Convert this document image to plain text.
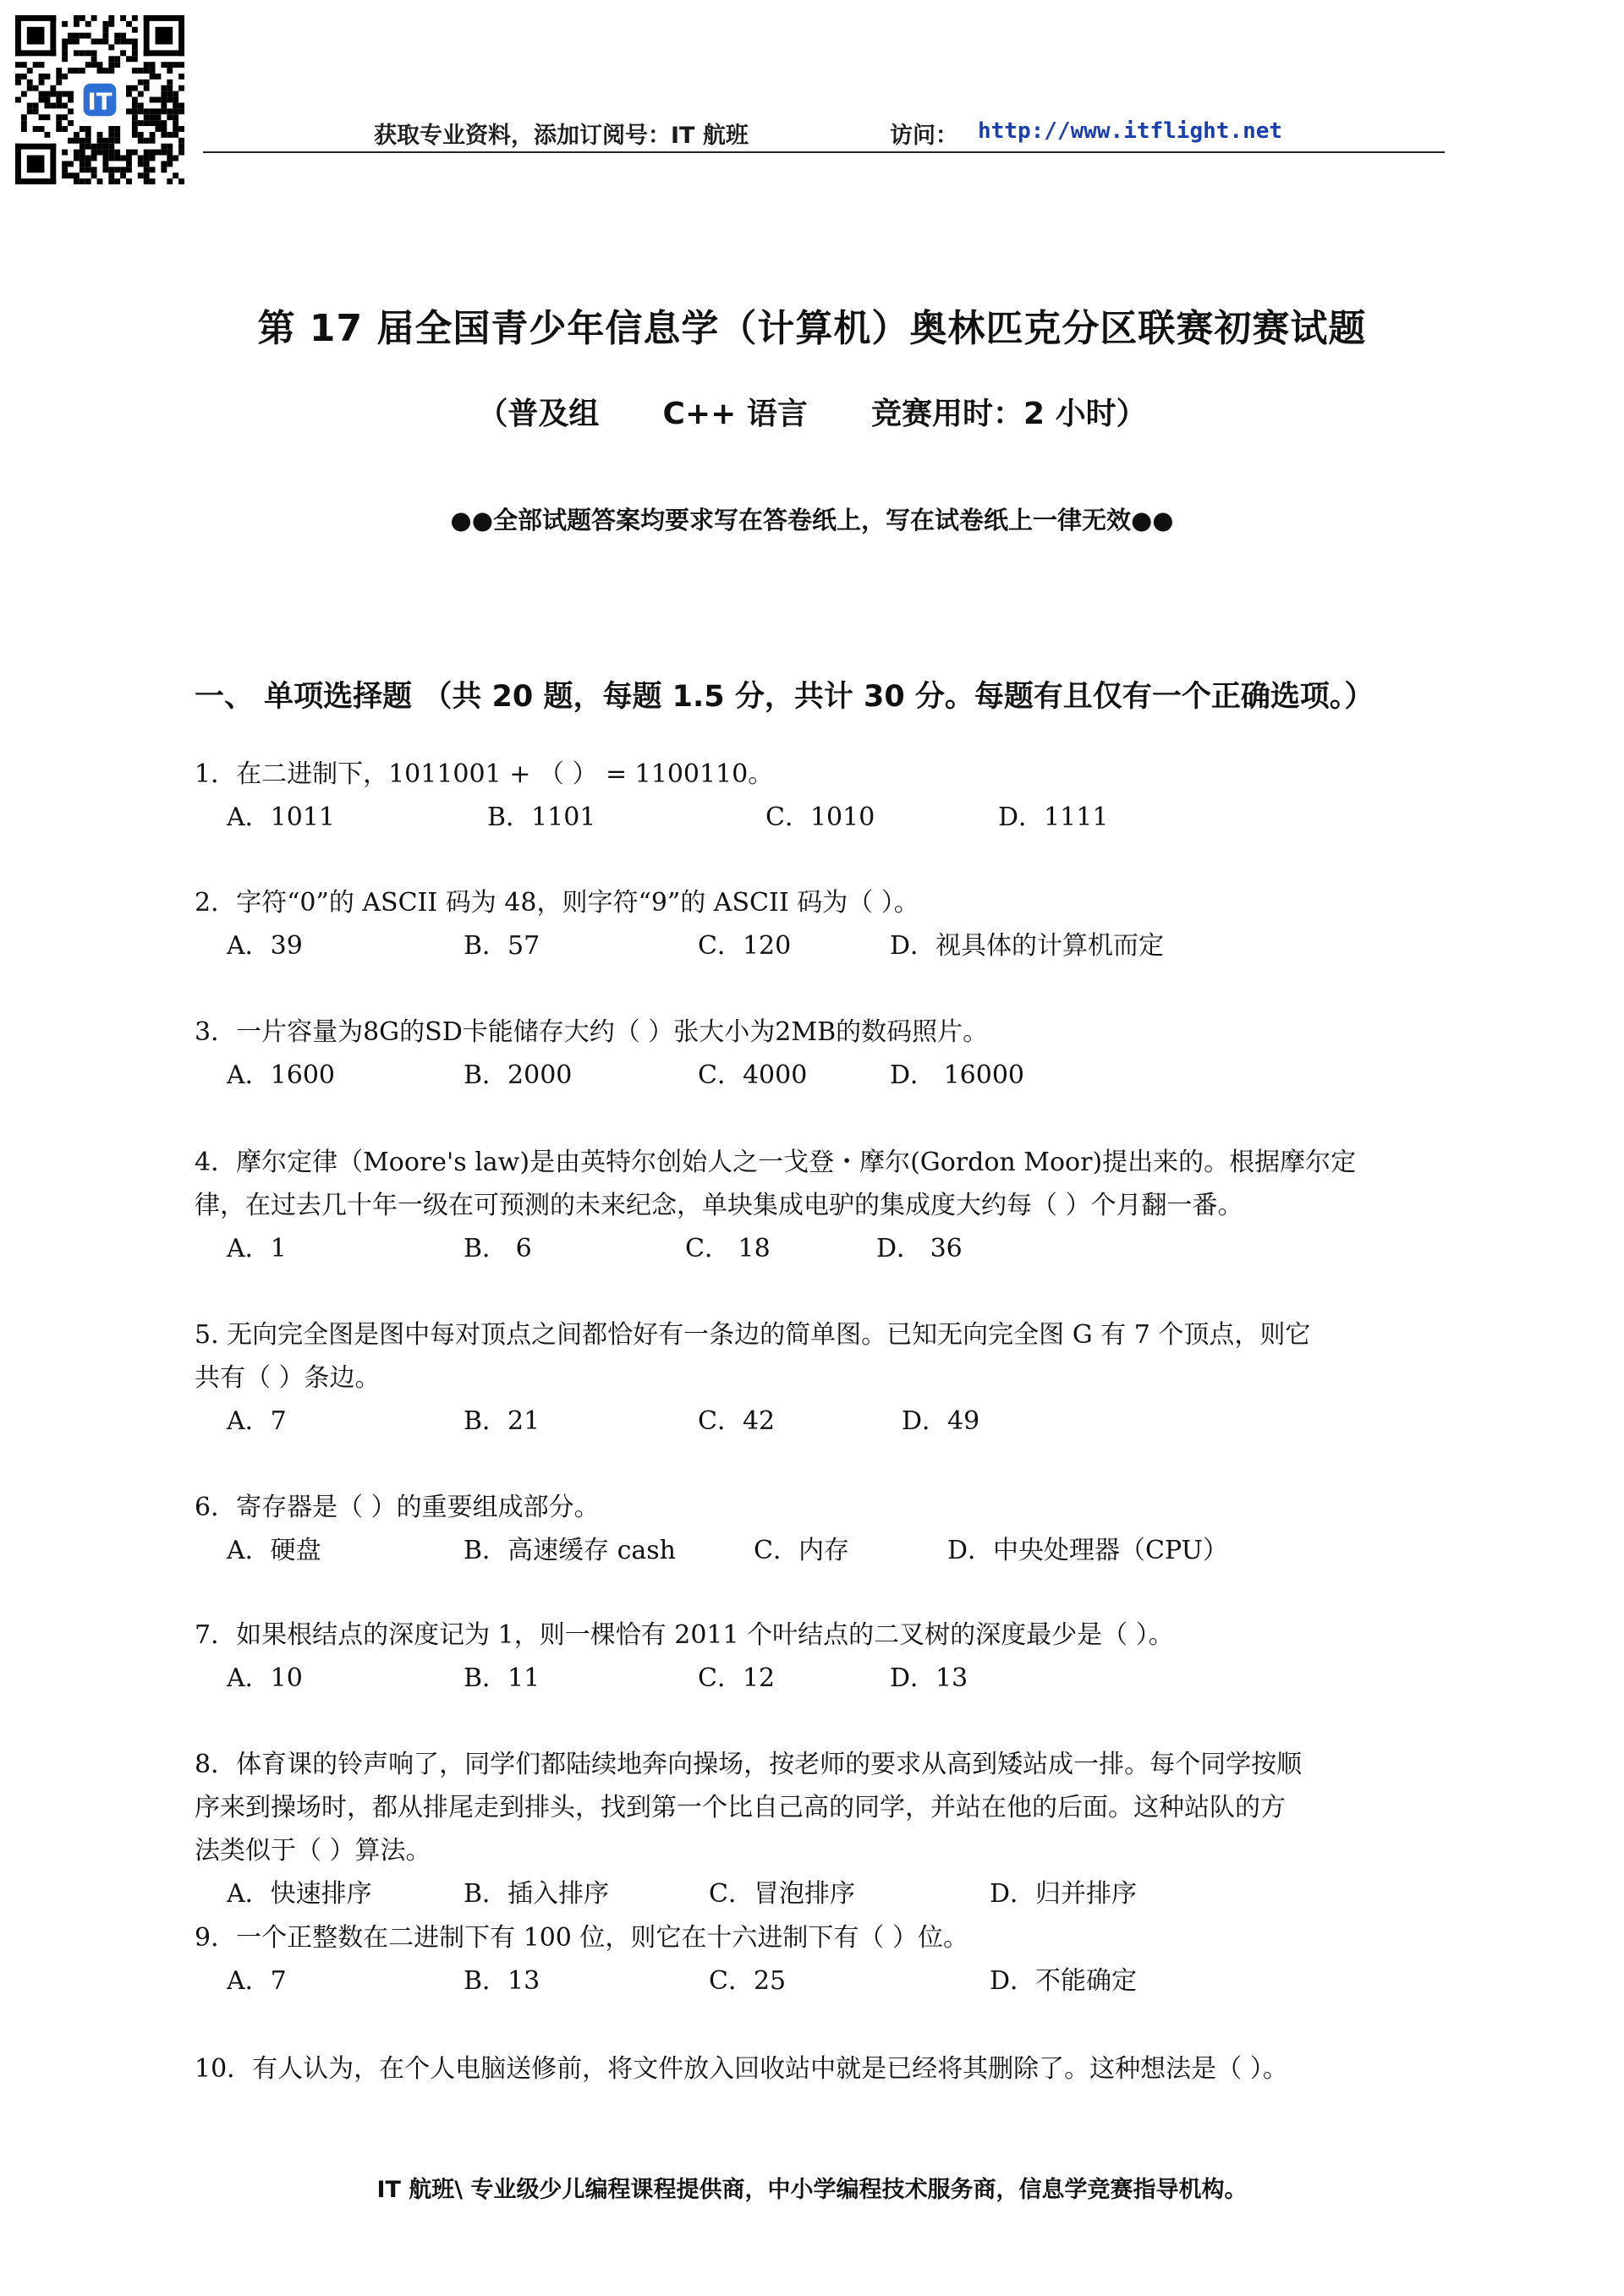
IT
获取专业资料，添加订阅号：IT 航班	访问： http://www.itflight.net
第 17 届全国青少年信息学（计算机）奥林匹克分区联赛初赛试题
（普及组      C++ 语言      竞赛用时：2 小时）
●●全部试题答案均要求写在答卷纸上，写在试卷纸上一律无效●●
一、 单项选择题 （共 20 题，每题 1.5 分，共计 30 分。每题有且仅有一个正确选项。）
1．在二进制下，1011001 + （ ） = 1100110。
A．1011	B．1101	C．1010	D．1111
2．字符“0”的 ASCII 码为 48，则字符“9”的 ASCII 码为（ ）。
A．39	B．57	C．120	D．视具体的计算机而定
3．一片容量为8G的SD卡能储存大约（ ）张大小为2MB的数码照片。
A．1600	B．2000	C．4000	D． 16000
4．摩尔定律（Moore's law)是由英特尔创始人之一戈登・摩尔(Gordon Moor)提出来的。根据摩尔定
律，在过去几十年一级在可预测的未来纪念，单块集成电驴的集成度大约每（ ）个月翻一番。
A．1	B． 6	C． 18	D． 36
5. 无向完全图是图中每对顶点之间都恰好有一条边的简单图。已知无向完全图 G 有 7 个顶点，则它
共有（ ）条边。
A．7	B．21	C．42	D．49
6．寄存器是（ ）的重要组成部分。
A．硬盘	B．高速缓存 cash	C．内存	D．中央处理器（CPU）
7．如果根结点的深度记为 1，则一棵恰有 2011 个叶结点的二叉树的深度最少是（ ）。
A．10	B．11	C．12	D．13
8．体育课的铃声响了，同学们都陆续地奔向操场，按老师的要求从高到矮站成一排。每个同学按顺
序来到操场时，都从排尾走到排头，找到第一个比自己高的同学，并站在他的后面。这种站队的方
法类似于（ ）算法。
A．快速排序	B．插入排序	C．冒泡排序	D．归并排序
9．一个正整数在二进制下有 100 位，则它在十六进制下有（ ）位。
A．7	B．13	C．25	D．不能确定
10．有人认为，在个人电脑送修前，将文件放入回收站中就是已经将其删除了。这种想法是（ ）。
IT 航班\ 专业级少儿编程课程提供商，中小学编程技术服务商，信息学竞赛指导机构。
